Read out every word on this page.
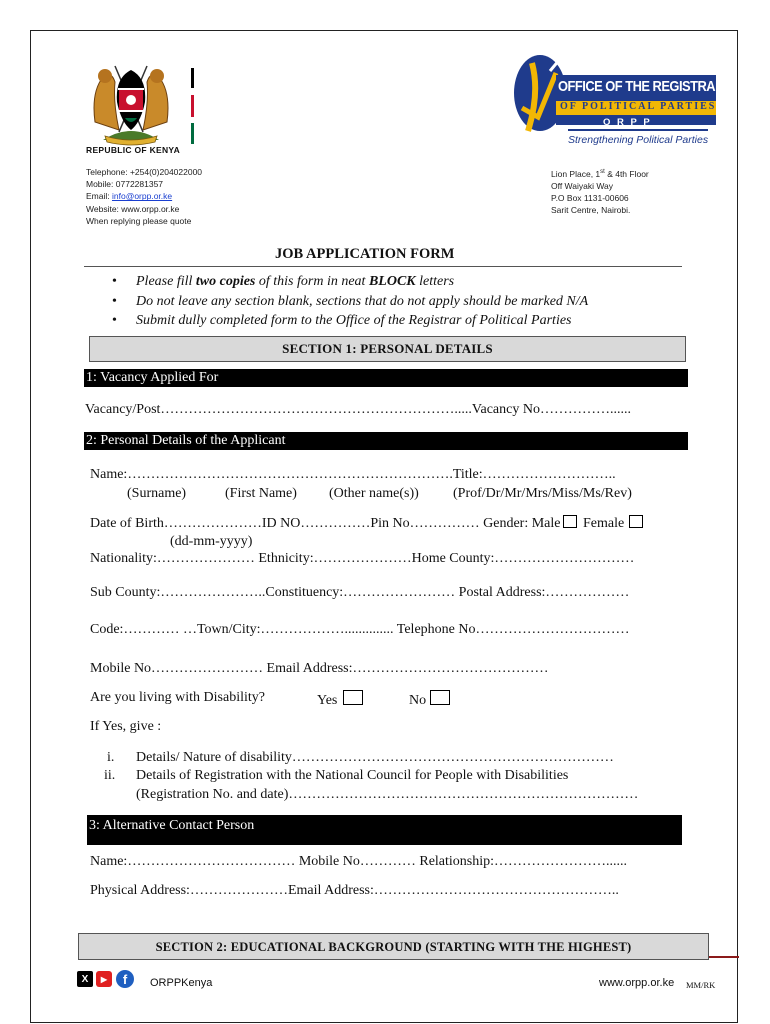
REPUBLIC OF KENYA
OFFICE OF THE REGISTRAR
OF POLITICAL PARTIES
O R P P
Strengthening Political Parties
Telephone: +254(0)204022000
Mobile: 0772281357
Email: info@orpp.or.ke
Website: www.orpp.or.ke
When replying please quote
Lion Place, 1st & 4th Floor
Off Waiyaki Way
P.O Box 1131-00606
Sarit Centre, Nairobi.
JOB APPLICATION FORM
• Please fill two copies of this form in neat BLOCK letters
• Do not leave any section blank, sections that do not apply should be marked N/A
• Submit dully completed form to the Office of the Registrar of Political Parties
SECTION 1: PERSONAL DETAILS
1: Vacancy Applied For
Vacancy/Post……………………………………………………….....Vacancy No……………......
2: Personal Details of the Applicant
Name:…………………………………………………………….Title:………………………..
(Surname)	(First Name) (Other name(s)) (Prof/Dr/Mr/Mrs/Miss/Ms/Rev)
Date of Birth…………………ID NO……………Pin No…………… Gender: Male Female
(dd-mm-yyyy)
Nationality:………………… Ethnicity:…………………Home County:…………………………
Sub County:…………………..Constituency:…………………… Postal Address:………………
Code:………… …Town/City:……………….............. Telephone No……………………………
Mobile No…………………… Email Address:……………………………………
Are you living with Disability?	Yes	No
If Yes, give :
i. Details/ Nature of disability……………………………………………………………
ii. Details of Registration with the National Council for People with Disabilities
(Registration No. and date)…………………………………………………………………
3: Alternative Contact Person
Name:……………………………… Mobile No………… Relationship:……………………......
Physical Address:…………………Email Address:……………………………………………..
SECTION 2: EDUCATIONAL BACKGROUND (STARTING WITH THE HIGHEST)
X	▶	f	ORPPKenya	www.orpp.or.ke MM/RK
